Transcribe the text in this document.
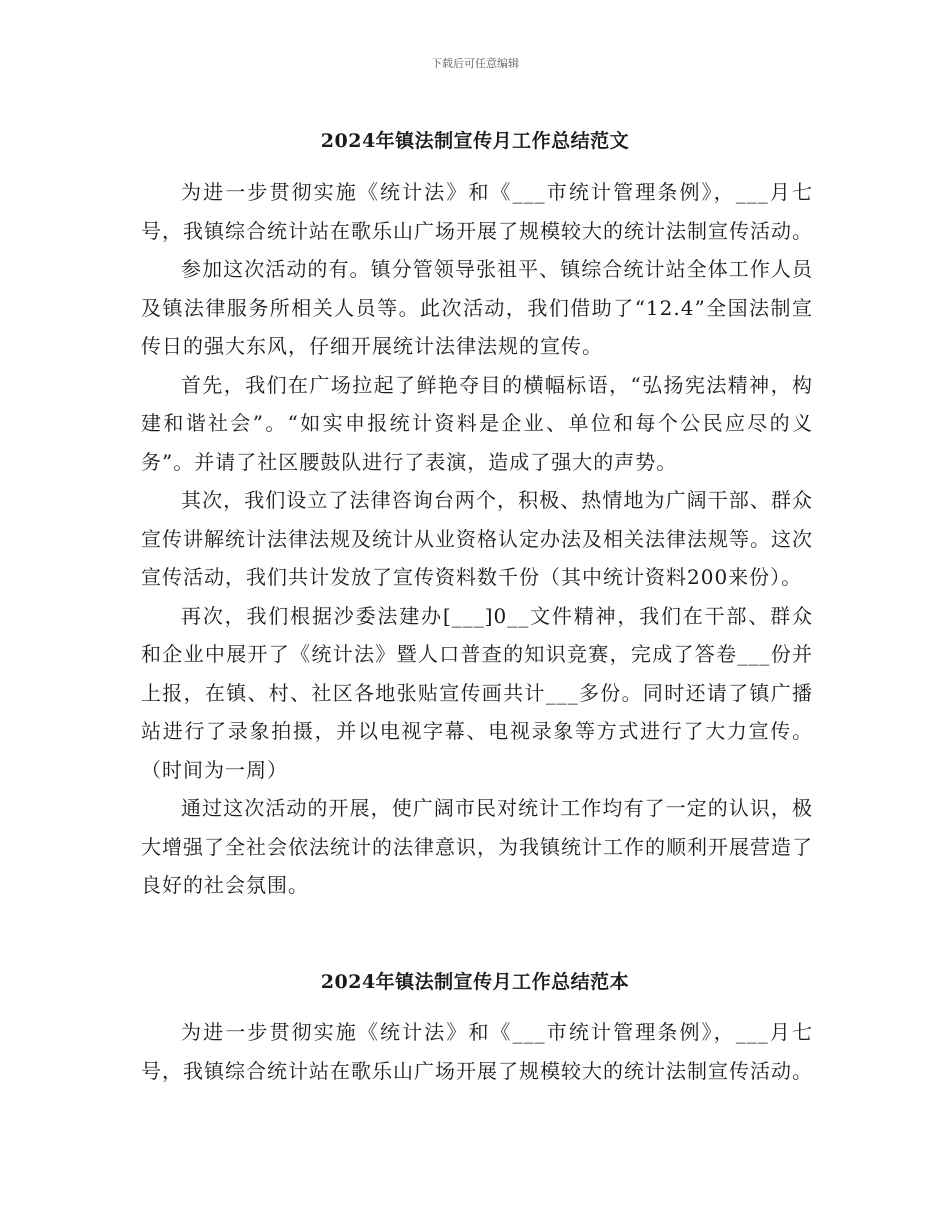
下载后可任意编辑
2024年镇法制宣传月工作总结范文

为进一步贯彻实施《统计法》和《___市统计管理条例》，___月七号，我镇综合统计站在歌乐山广场开展了规模较大的统计法制宣传活动。

参加这次活动的有。镇分管领导张祖平、镇综合统计站全体工作人员及镇法律服务所相关人员等。此次活动，我们借助了“12.4”全国法制宣传日的强大东风，仔细开展统计法律法规的宣传。

首先，我们在广场拉起了鲜艳夺目的横幅标语，“弘扬宪法精神，构建和谐社会”。“如实申报统计资料是企业、单位和每个公民应尽的义务”。并请了社区腰鼓队进行了表演，造成了强大的声势。

其次，我们设立了法律咨询台两个，积极、热情地为广阔干部、群众宣传讲解统计法律法规及统计从业资格认定办法及相关法律法规等。这次宣传活动，我们共计发放了宣传资料数千份（其中统计资料200来份）。

再次，我们根据沙委法建办[___]0__文件精神，我们在干部、群众和企业中展开了《统计法》暨人口普查的知识竞赛，完成了答卷___份并上报，在镇、村、社区各地张贴宣传画共计___多份。同时还请了镇广播站进行了录象拍摄，并以电视字幕、电视录象等方式进行了大力宣传。（时间为一周）

通过这次活动的开展，使广阔市民对统计工作均有了一定的认识，极大增强了全社会依法统计的法律意识，为我镇统计工作的顺利开展营造了良好的社会氛围。

2024年镇法制宣传月工作总结范本

为进一步贯彻实施《统计法》和《___市统计管理条例》，___月七号，我镇综合统计站在歌乐山广场开展了规模较大的统计法制宣传活动。
